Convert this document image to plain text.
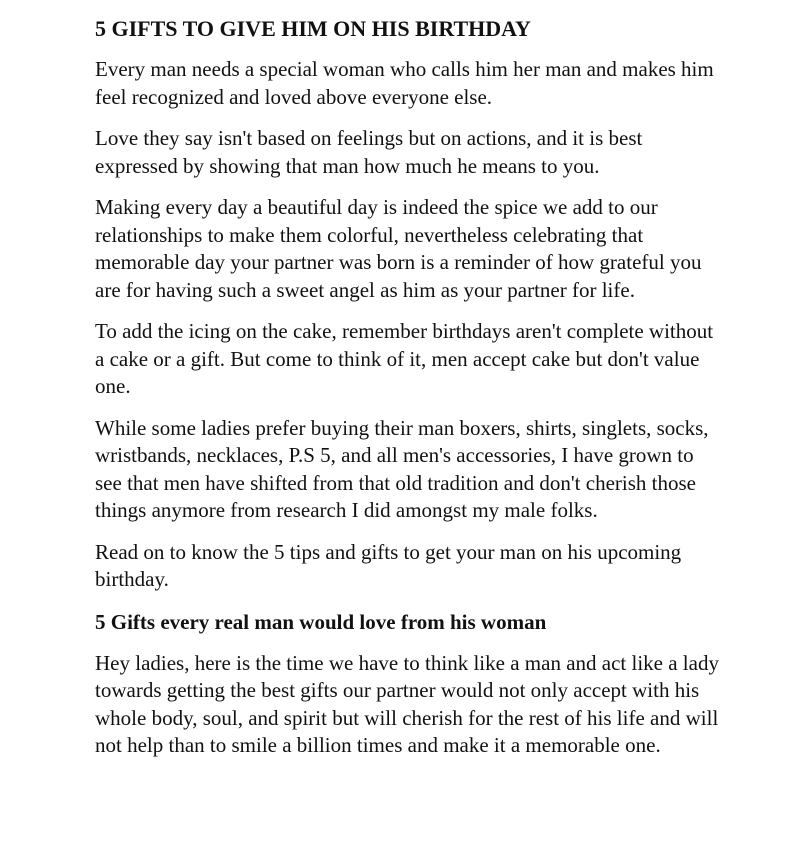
5 GIFTS TO GIVE HIM ON HIS BIRTHDAY

Every man needs a special woman who calls him her man and makes him feel recognized and loved above everyone else.

Love they say isn't based on feelings but on actions, and it is best expressed by showing that man how much he means to you.

Making every day a beautiful day is indeed the spice we add to our relationships to make them colorful, nevertheless celebrating that memorable day your partner was born is a reminder of how grateful you are for having such a sweet angel as him as your partner for life.

To add the icing on the cake, remember birthdays aren't complete without a cake or a gift. But come to think of it, men accept cake but don't value one.

While some ladies prefer buying their man boxers, shirts, singlets, socks, wristbands, necklaces, P.S 5, and all men's accessories, I have grown to see that men have shifted from that old tradition and don't cherish those things anymore from research I did amongst my male folks.

Read on to know the 5 tips and gifts to get your man on his upcoming birthday.

5 Gifts every real man would love from his woman

Hey ladies, here is the time we have to think like a man and act like a lady towards getting the best gifts our partner would not only accept with his whole body, soul, and spirit but will cherish for the rest of his life and will not help than to smile a billion times and make it a memorable one.
